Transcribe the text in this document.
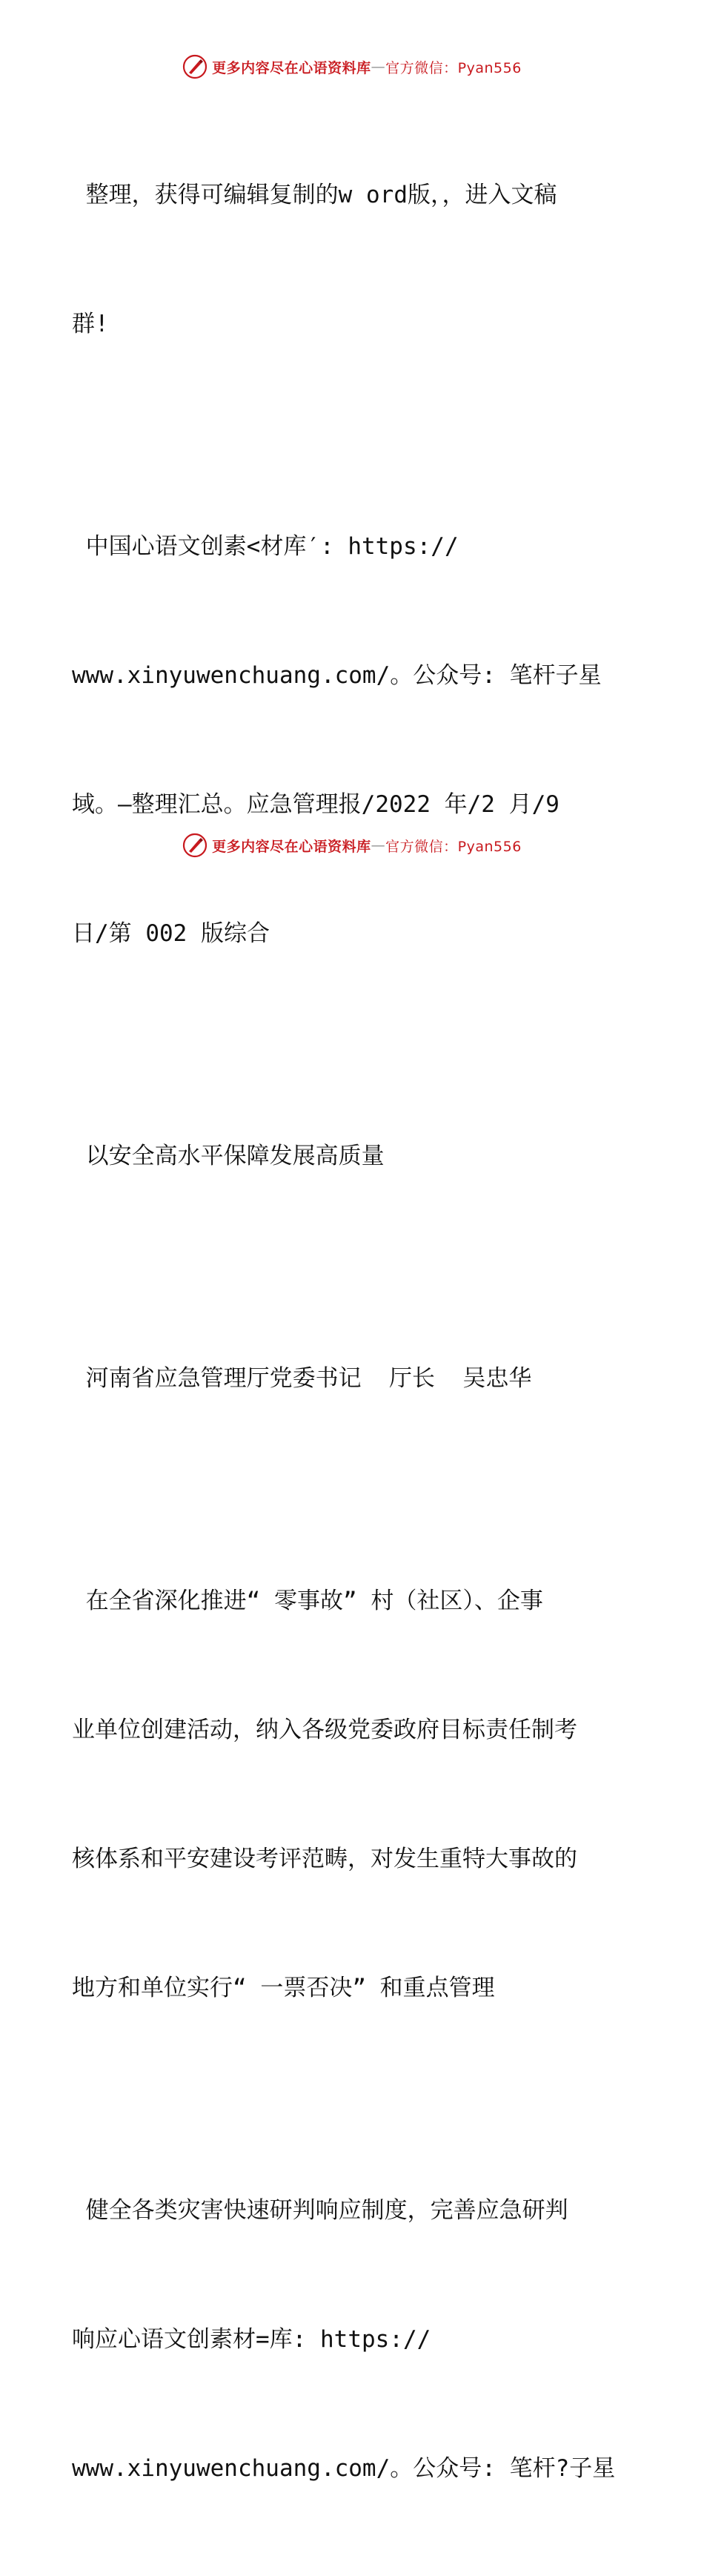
更多内容尽在心语资料库 — 官方微信：Pyan556

整理，获得可编辑复制的w ord版，，进入文稿

群!

中国心语文创素<材库′: https://

www.xinyuwenchuang.com/。公众号: 笔杆子星

域。—整理汇总。应急管理报/2022 年/2 月/9

日/第 002 版综合

以安全高水平保障发展高质量

河南省应急管理厅党委书记  厅长  吴忠华

在全省深化推进“ 零事故” 村（社区）、企事

业单位创建活动，纳入各级党委政府目标责任制考

核体系和平安建设考评范畴，对发生重特大事故的

地方和单位实行“ 一票否决” 和重点管理

健全各类灾害快速研判响应制度，完善应急研判

响应心语文创素材=库: https://

www.xinyuwenchuang.com/。公众号: 笔杆?子星

更多内容尽在心语资料库 — 官方微信：Pyan556
